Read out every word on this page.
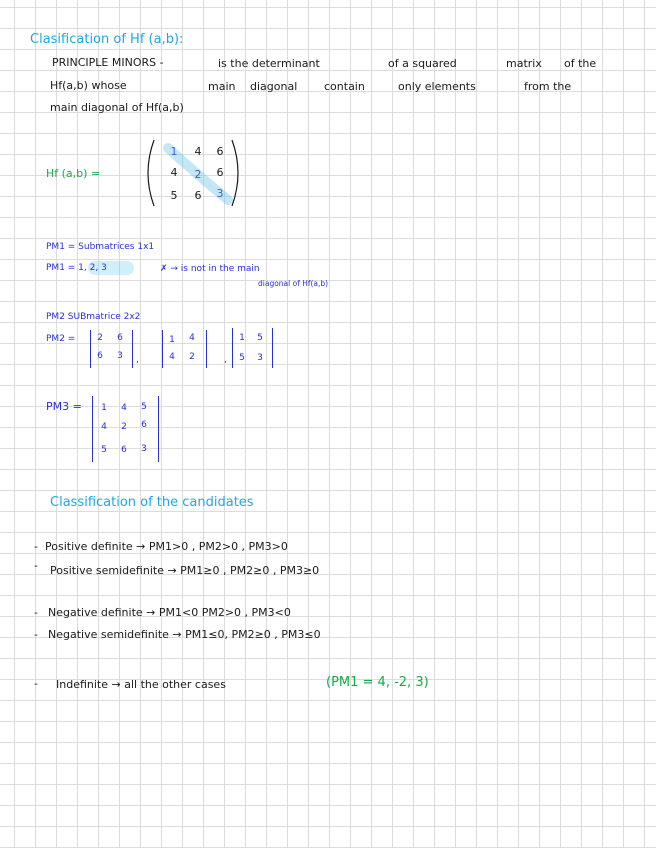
Clasification of Hf (a,b):
PRINCIPLE MINORS -	is the determinant	of a squared	matrix of the
Hf(a,b) whose	main diagonal contain	only elements	from the
main diagonal of Hf(a,b)
Hf (a,b) =
1	4	6
4	2	6
5	6	3
PM1 = Submatrices 1x1
PM1 = 1, 2, 3	✗ → is not in the main
diagonal of Hf(a,b)
PM2 SUBmatrice 2x2
PM2 =	2	6
6	3	,
1	4
4	2	,
1	5
5	3
PM3 =	1	4	5
4	2	6
5	6	3
Classification of the candidates
- Positive definite → PM1>0 , PM2>0 , PM3>0
- Positive semidefinite → PM1≥0 , PM2≥0 , PM3≥0
- Negative definite → PM1<0 PM2>0 , PM3<0
- Negative semidefinite → PM1≤0, PM2≥0 , PM3≤0
- Indefinite → all the other cases	(PM1 = 4, -2, 3)
